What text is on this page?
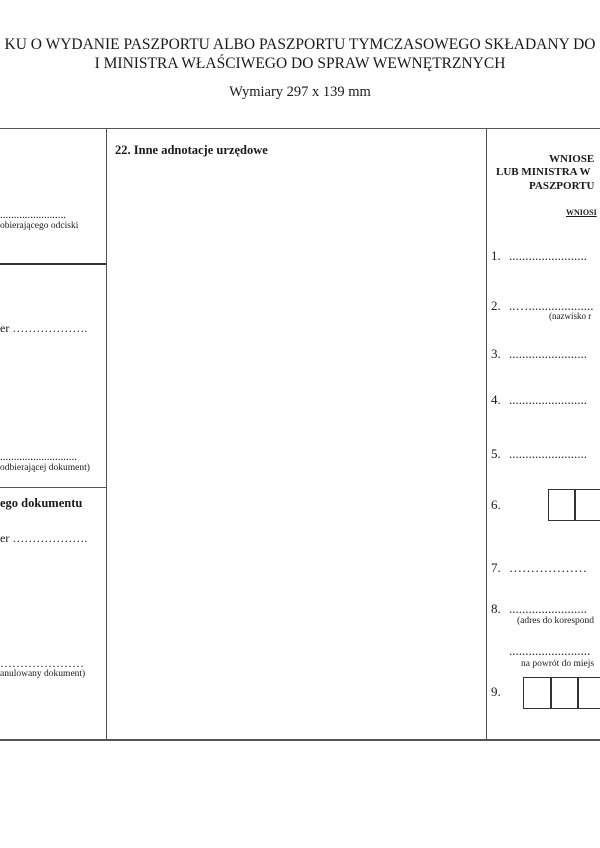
KU O WYDANIE PASZPORTU ALBO PASZPORTU TYMCZASOWEGO SKŁADANY DO
I MINISTRA WŁAŚCIWEGO DO SPRAW WEWNĘTRZNYCH
Wymiary 297 x 139 mm
........................
obierającego odciski
er ……………….
............................
odbierającej dokument)
ego dokumentu
er ……………….
…………………
anulowany dokument)
22. Inne adnotacje urzędowe
WNIOSE
LUB MINISTRA W
PASZPORTU
WNIOSI
1. ........................
2. ..…....................
(nazwisko r
3. ........................
4. ........................
5. ........................
6.
7. ………………
8. ........................
(adres do korespond
.........................
na powrót do miejs
9.
